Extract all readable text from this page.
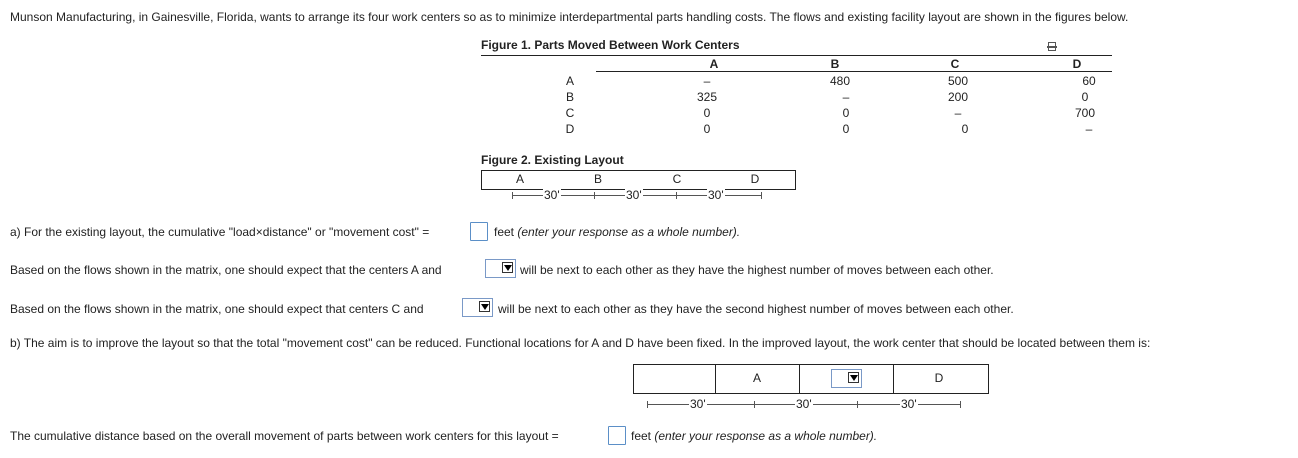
Munson Manufacturing, in Gainesville, Florida, wants to arrange its four work centers so as to minimize interdepartmental parts handling costs. The flows and existing facility layout are shown in the figures below.
Figure 1. Parts Moved Between Work Centers
A	B	C	D
A	–	480	500	60
B	325	–	200	0
C	0	0	–	700
D	0	0	0	–
Figure 2. Existing Layout
A	B	C	D
30'	30'	30'
a) For the existing layout, the cumulative "load×distance" or "movement cost" =	feet (enter your response as a whole number).
Based on the flows shown in the matrix, one should expect that the centers A and	will be next to each other as they have the highest number of moves between each other.
Based on the flows shown in the matrix, one should expect that centers C and	will be next to each other as they have the second highest number of moves between each other.
b) The aim is to improve the layout so that the total "movement cost" can be reduced. Functional locations for A and D have been fixed. In the improved layout, the work center that should be located between them is:
A	D
30'	30'	30'
The cumulative distance based on the overall movement of parts between work centers for this layout =	feet (enter your response as a whole number).
